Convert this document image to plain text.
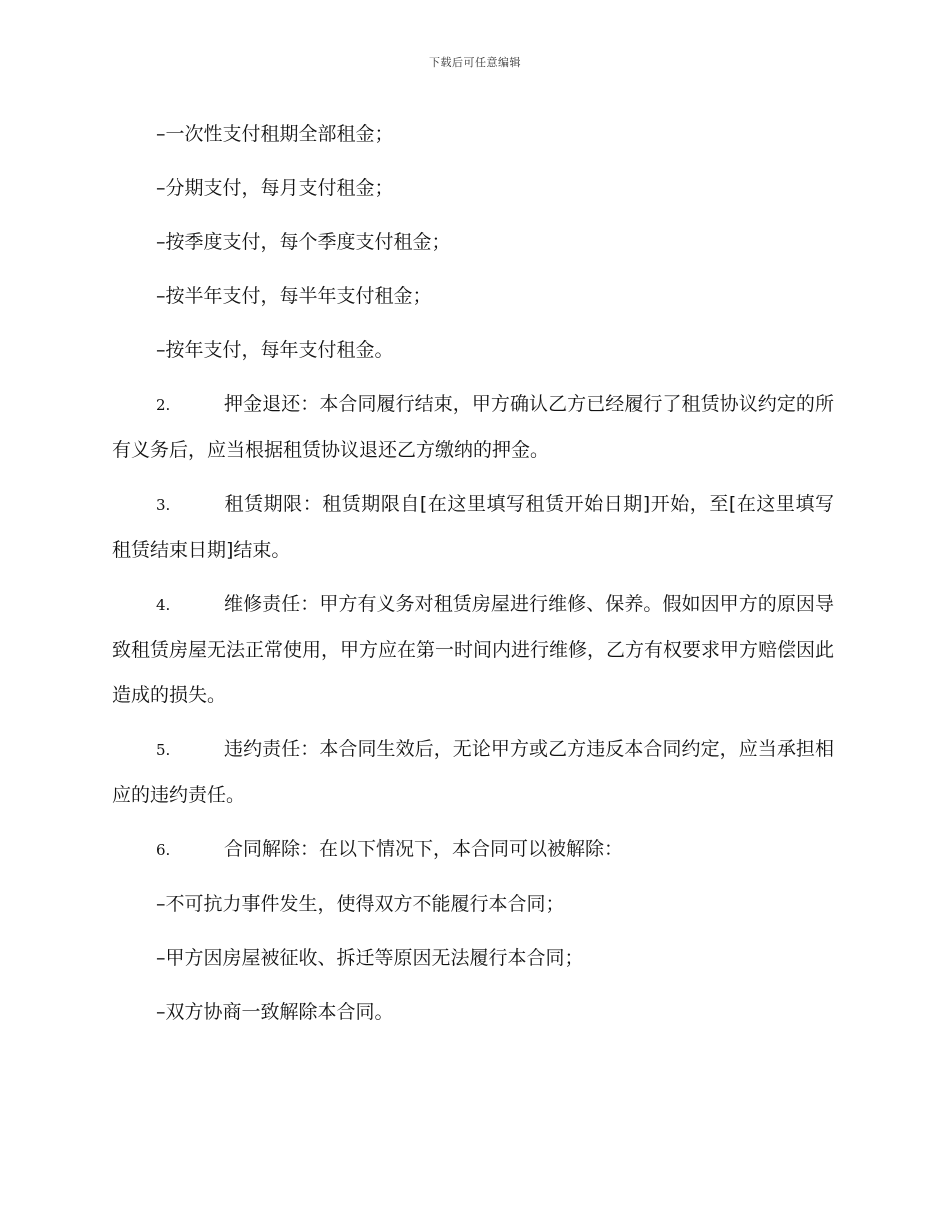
下载后可任意编辑

–一次性支付租期全部租金；

–分期支付，每月支付租金；

–按季度支付，每个季度支付租金；

–按半年支付，每半年支付租金；

–按年支付，每年支付租金。

2.	押金退还：本合同履行结束，甲方确认乙方已经履行了租赁协议约定的所有义务后，应当根据租赁协议退还乙方缴纳的押金。

3.	租赁期限：租赁期限自[在这里填写租赁开始日期]开始，至[在这里填写租赁结束日期]结束。

4.	维修责任：甲方有义务对租赁房屋进行维修、保养。假如因甲方的原因导致租赁房屋无法正常使用，甲方应在第一时间内进行维修，乙方有权要求甲方赔偿因此造成的损失。

5.	违约责任：本合同生效后，无论甲方或乙方违反本合同约定，应当承担相应的违约责任。

6.	合同解除：在以下情况下，本合同可以被解除：

–不可抗力事件发生，使得双方不能履行本合同；

–甲方因房屋被征收、拆迁等原因无法履行本合同；

–双方协商一致解除本合同。
